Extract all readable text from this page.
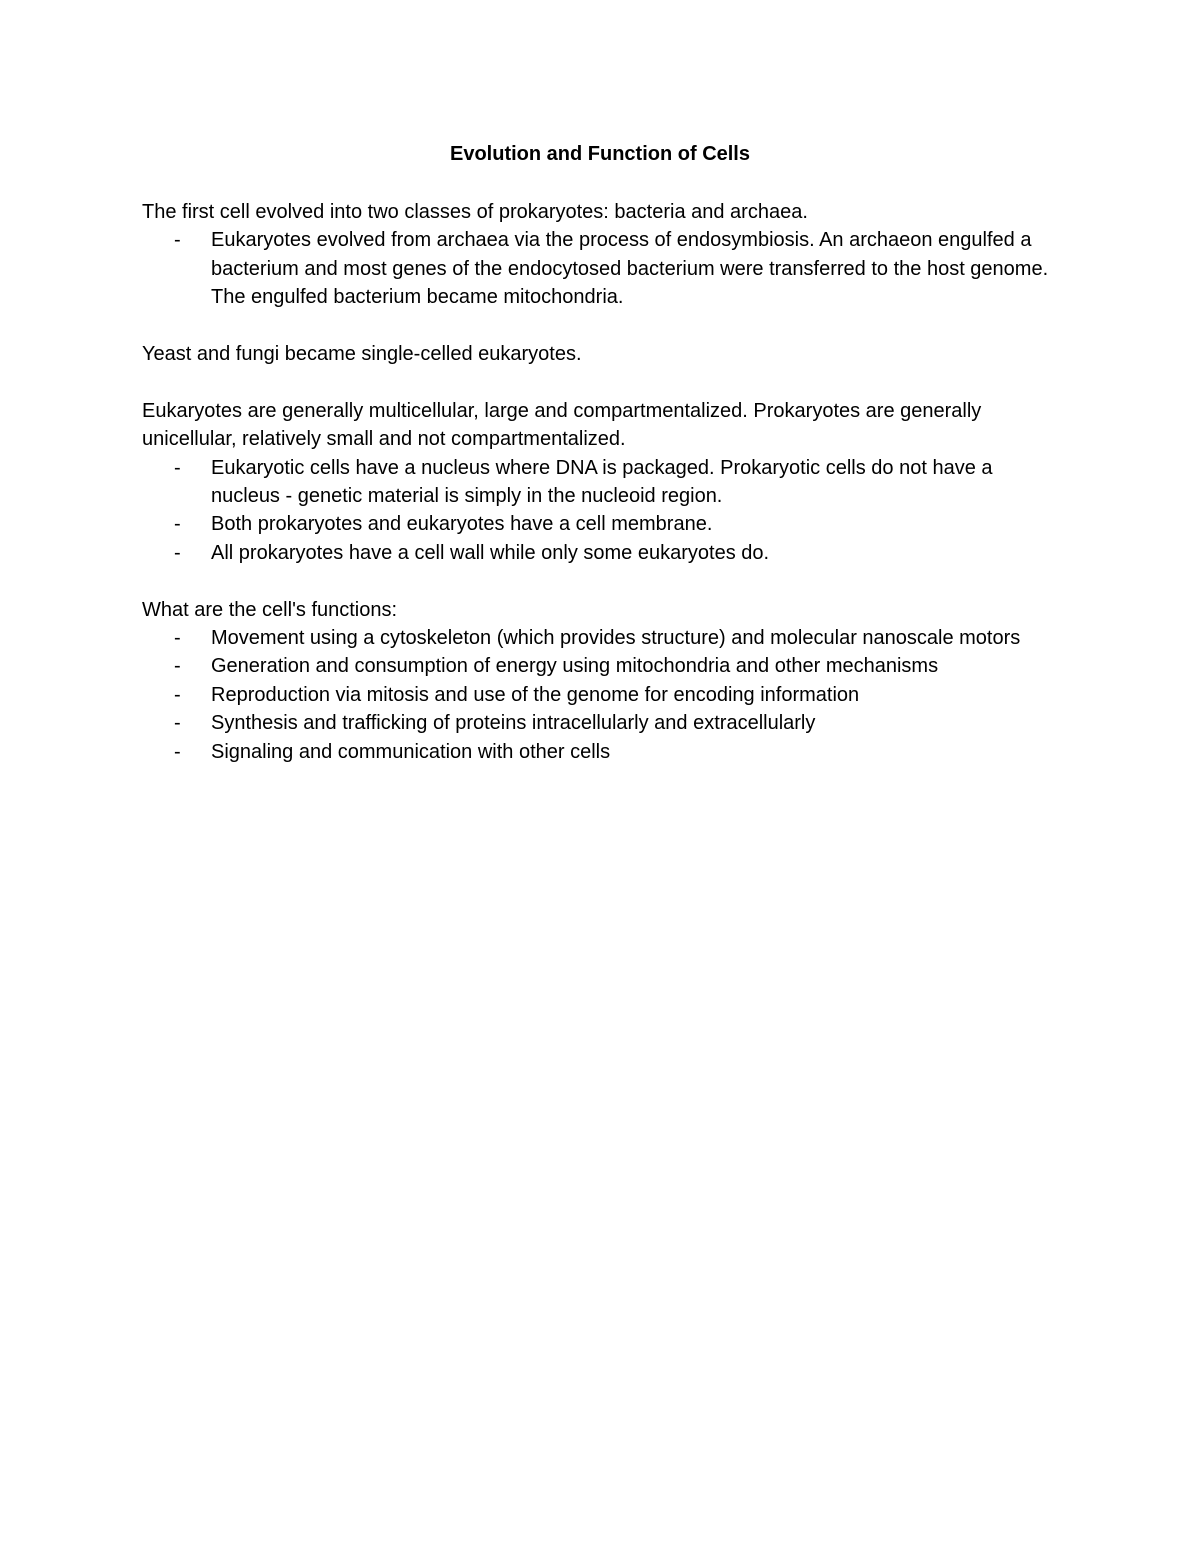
Evolution and Function of Cells

The first cell evolved into two classes of prokaryotes: bacteria and archaea.

- Eukaryotes evolved from archaea via the process of endosymbiosis. An archaeon engulfed a bacterium and most genes of the endocytosed bacterium were transferred to the host genome. The engulfed bacterium became mitochondria.

Yeast and fungi became single-celled eukaryotes.

Eukaryotes are generally multicellular, large and compartmentalized. Prokaryotes are generally unicellular, relatively small and not compartmentalized.

- Eukaryotic cells have a nucleus where DNA is packaged. Prokaryotic cells do not have a nucleus - genetic material is simply in the nucleoid region.
- Both prokaryotes and eukaryotes have a cell membrane.
- All prokaryotes have a cell wall while only some eukaryotes do.

What are the cell's functions:

- Movement using a cytoskeleton (which provides structure) and molecular nanoscale motors
- Generation and consumption of energy using mitochondria and other mechanisms
- Reproduction via mitosis and use of the genome for encoding information
- Synthesis and trafficking of proteins intracellularly and extracellularly
- Signaling and communication with other cells
